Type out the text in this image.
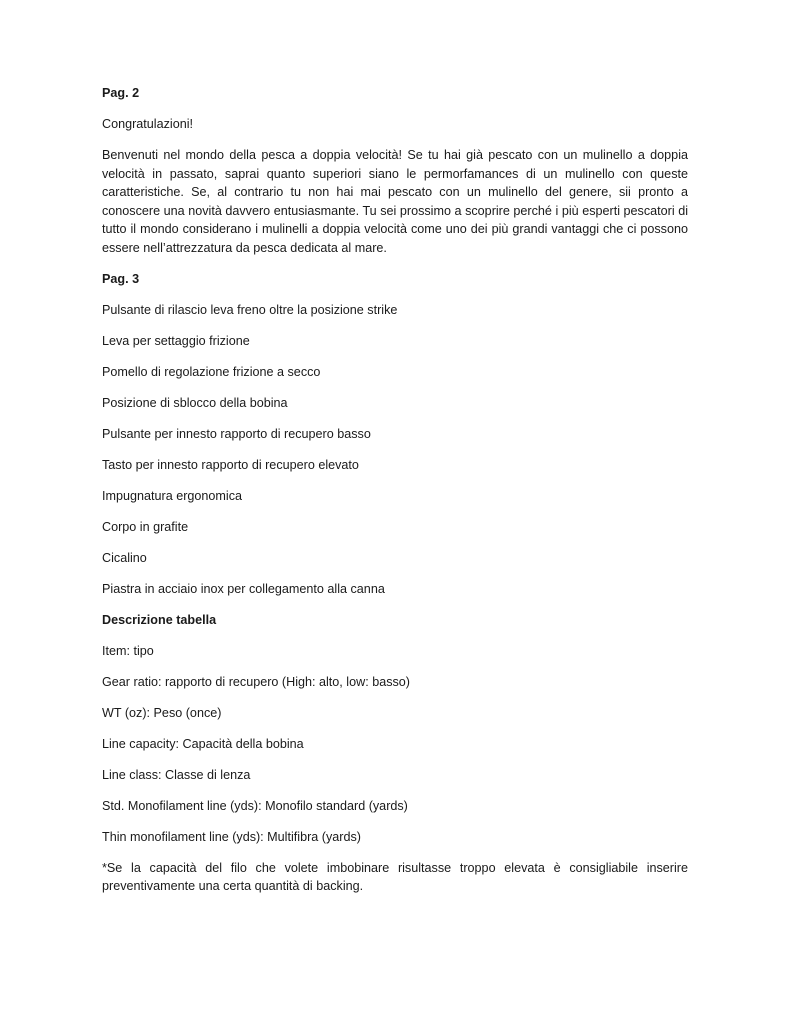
Pag. 2
Congratulazioni!
Benvenuti nel mondo della pesca a doppia velocità! Se tu hai già pescato con un mulinello a doppia velocità in passato, saprai quanto superiori siano le permorfamances di un mulinello con queste caratteristiche. Se, al contrario tu non hai mai pescato con un mulinello del genere, sii pronto a conoscere una novità davvero entusiasmante. Tu sei prossimo a scoprire perché i più esperti pescatori di tutto il mondo considerano i mulinelli a doppia velocità come uno dei più grandi vantaggi che ci possono essere nell’attrezzatura da pesca dedicata al mare.
Pag. 3
Pulsante di rilascio leva freno oltre la posizione strike
Leva per settaggio frizione
Pomello di regolazione frizione a secco
Posizione di sblocco della bobina
Pulsante per innesto rapporto di recupero basso
Tasto per innesto rapporto di recupero elevato
Impugnatura ergonomica
Corpo in grafite
Cicalino
Piastra in acciaio inox per collegamento alla canna
Descrizione tabella
Item: tipo
Gear ratio: rapporto di recupero (High: alto, low: basso)
WT (oz): Peso (once)
Line capacity: Capacità della bobina
Line class: Classe di lenza
Std. Monofilament line (yds): Monofilo standard (yards)
Thin monofilament line (yds): Multifibra (yards)
*Se la capacità del filo che volete imbobinare risultasse troppo elevata è consigliabile inserire preventivamente una certa quantità di backing.
